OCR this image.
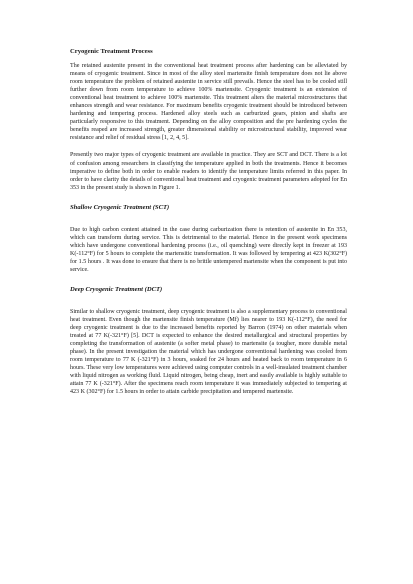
Cryogenic Treatment Process

The retained austenite present in the conventional heat treatment process after hardening can be alleviated by means of cryogenic treatment. Since in most of the alloy steel martensite finish temperature does not lie above room temperature the problem of retained austenite in service still prevails. Hence the steel has to be cooled still further down from room temperature to achieve 100% martensite. Cryogenic treatment is an extension of conventional heat treatment to achieve 100% martensite. This treatment alters the material microstructures that enhances strength and wear resistance. For maximum benefits cryogenic treatment should be introduced between hardening and tempering process. Hardened alloy steels such as carburized gears, pinion and shafts are particularly responsive to this treatment. Depending on the alloy composition and the pre hardening cycles the benefits reaped are increased strength, greater dimensional stability or microstructural stability, improved wear resistance and relief of residual stress [1, 2, 4, 5].

Presently two major types of cryogenic treatment are available in practice. They are SCT and DCT. There is a lot of confusion among researchers in classifying the temperature applied in both the treatments. Hence it becomes imperative to define both in order to enable readers to identify the temperature limits referred in this paper. In order to have clarity the details of conventional heat treatment and cryogenic treatment parameters adopted for En 353 in the present study is shown in Figure 1.

Shallow Cryogenic Treatment (SCT)

Due to high carbon content attained in the case during carburization there is retention of austenite in En 353, which can transform during service. This is detrimental to the material. Hence in the present work specimens which have undergone conventional hardening process (i.e., oil quenching) were directly kept in freezer at 193 K(-112°F) for 5 hours to complete the martensitic transformation. It was followed by tempering at 423 K(302°F) for 1.5 hours . It was done to ensure that there is no brittle untempered martensite when the component is put into service.

Deep Cryogenic Treatment (DCT)

Similar to shallow cryogenic treatment, deep cryogenic treatment is also a supplementary process to conventional heat treatment. Even though the martensite finish temperature (Mf) lies nearer to 193 K(-112°F), the need for deep cryogenic treatment is due to the increased benefits reported by Barron (1974) on other materials when treated at 77 K(-321°F) [5]. DCT is expected to enhance the desired metallurgical and structural properties by completing the transformation of austenite (a softer metal phase) to martensite (a tougher, more durable metal phase). In the present investigation the material which has undergone conventional hardening was cooled from room temperature to 77 K (-321°F) in 3 hours, soaked for 24 hours and heated back to room temperature in 6 hours. These very low temperatures were achieved using computer controls in a well-insulated treatment chamber with liquid nitrogen as working fluid. Liquid nitrogen, being cheap, inert and easily available is highly suitable to attain 77 K (-321°F). After the specimens reach room temperature it was immediately subjected to tempering at 423 K (302°F) for 1.5 hours in order to attain carbide precipitation and tempered martensite.
